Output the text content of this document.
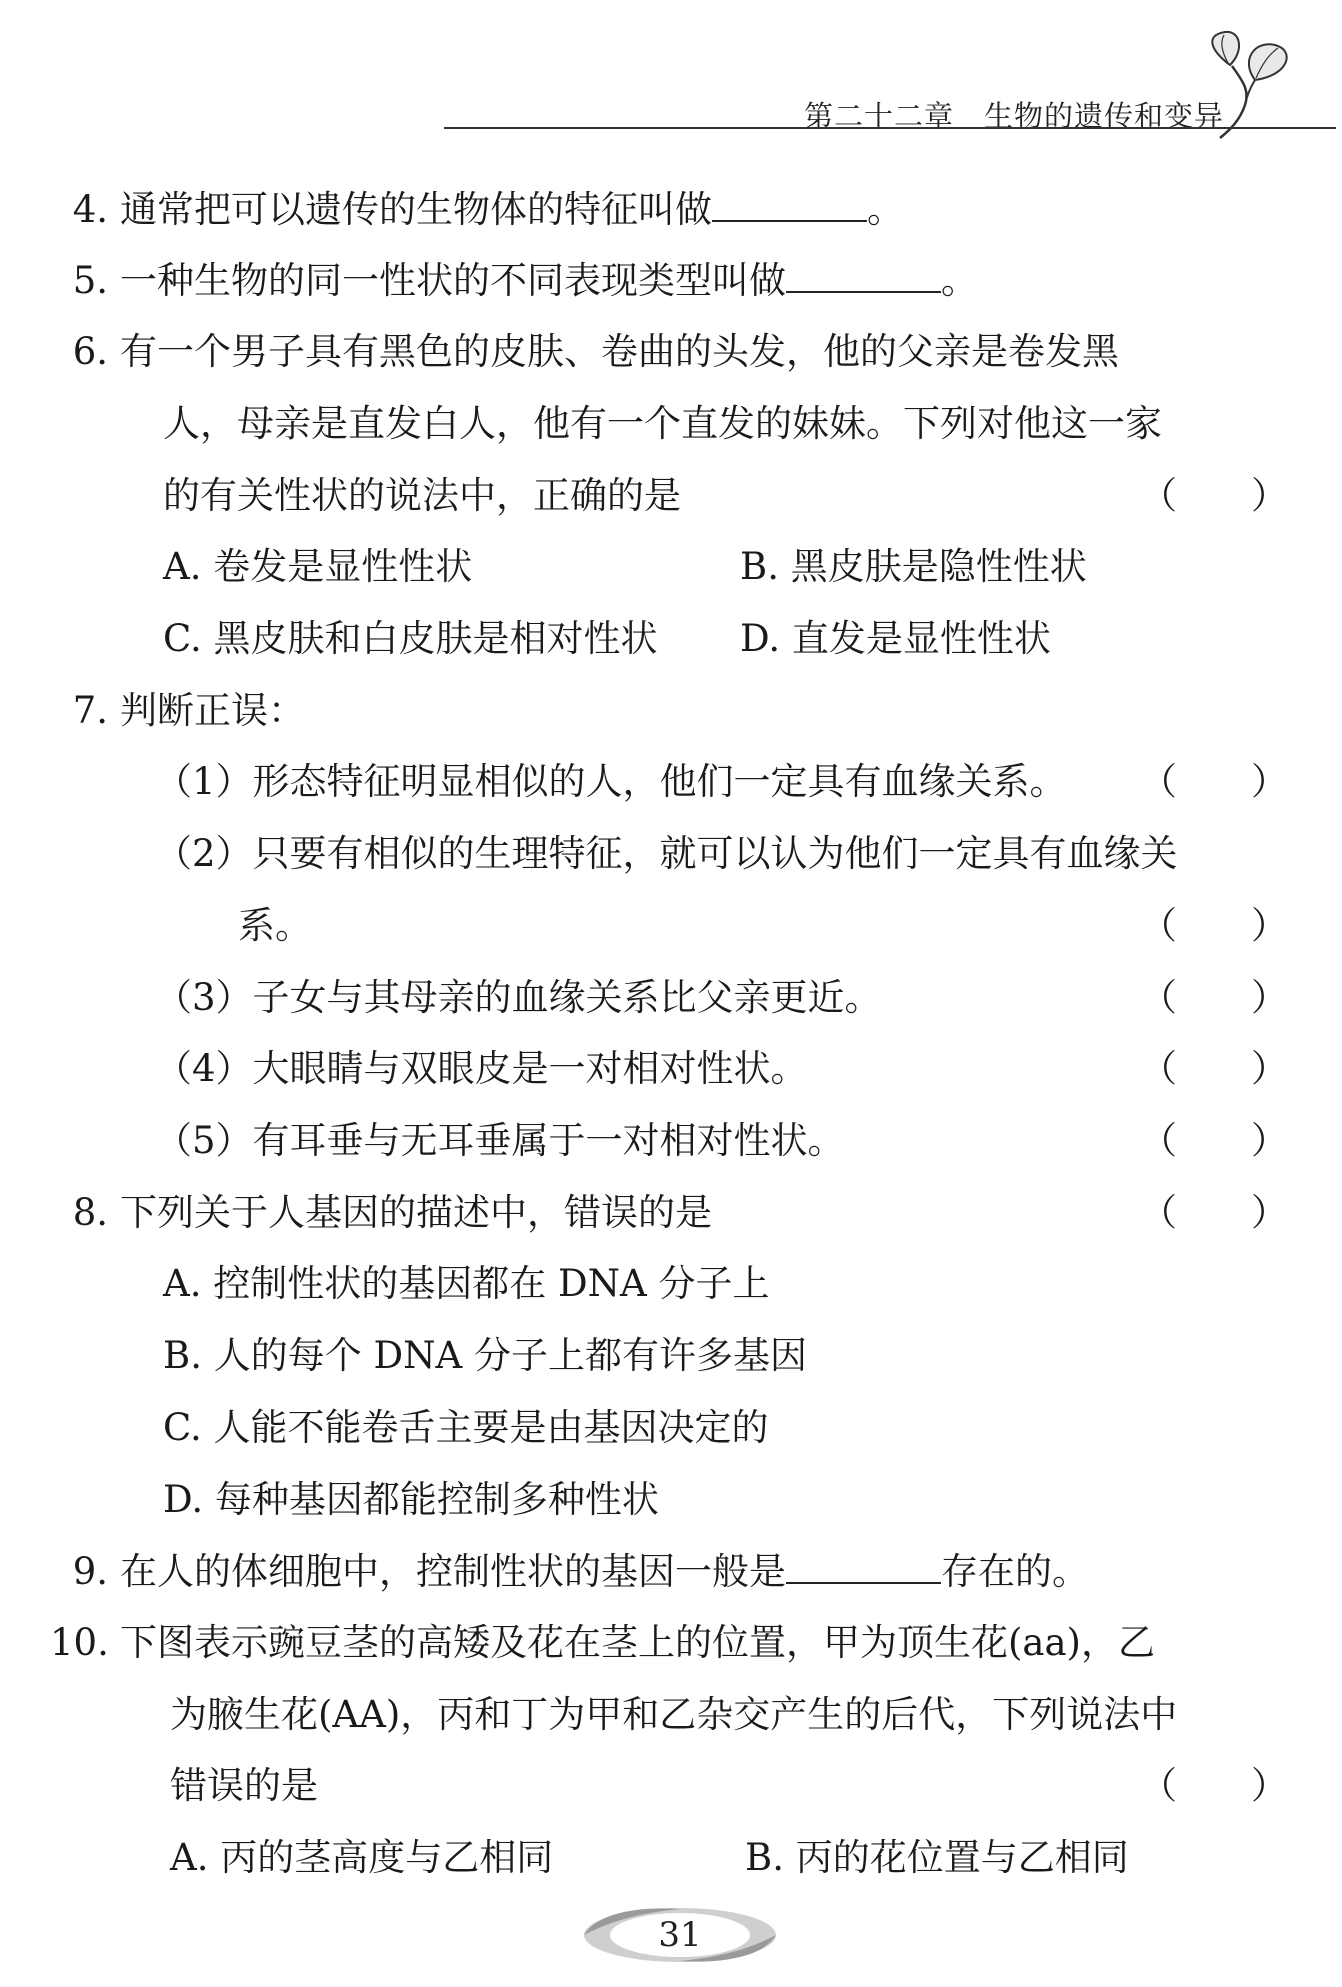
第二十二章　生物的遗传和变异
4. 通常把可以遗传的生物体的特征叫做	。
5. 一种生物的同一性状的不同表现类型叫做	。
6. 有一个男子具有黑色的皮肤、卷曲的头发，他的父亲是卷发黑
人，母亲是直发白人，他有一个直发的妹妹。下列对他这一家
的有关性状的说法中，正确的是	（　　）
A. 卷发是显性性状	B. 黑皮肤是隐性性状
C. 黑皮肤和白皮肤是相对性状 D. 直发是显性性状
7. 判断正误：
（1）形态特征明显相似的人，他们一定具有血缘关系。 （　　）
（2）只要有相似的生理特征，就可以认为他们一定具有血缘关
系。	（　　）
（3）子女与其母亲的血缘关系比父亲更近。	（　　）
（4）大眼睛与双眼皮是一对相对性状。	（　　）
（5）有耳垂与无耳垂属于一对相对性状。	（　　）
8. 下列关于人基因的描述中，错误的是	（　　）
A. 控制性状的基因都在 DNA 分子上
B. 人的每个 DNA 分子上都有许多基因
C. 人能不能卷舌主要是由基因决定的
D. 每种基因都能控制多种性状
9. 在人的体细胞中，控制性状的基因一般是	存在的。
10. 下图表示豌豆茎的高矮及花在茎上的位置，甲为顶生花(aa)，乙
为腋生花(AA)，丙和丁为甲和乙杂交产生的后代，下列说法中
错误的是	（　　）
A. 丙的茎高度与乙相同	B. 丙的花位置与乙相同
31
